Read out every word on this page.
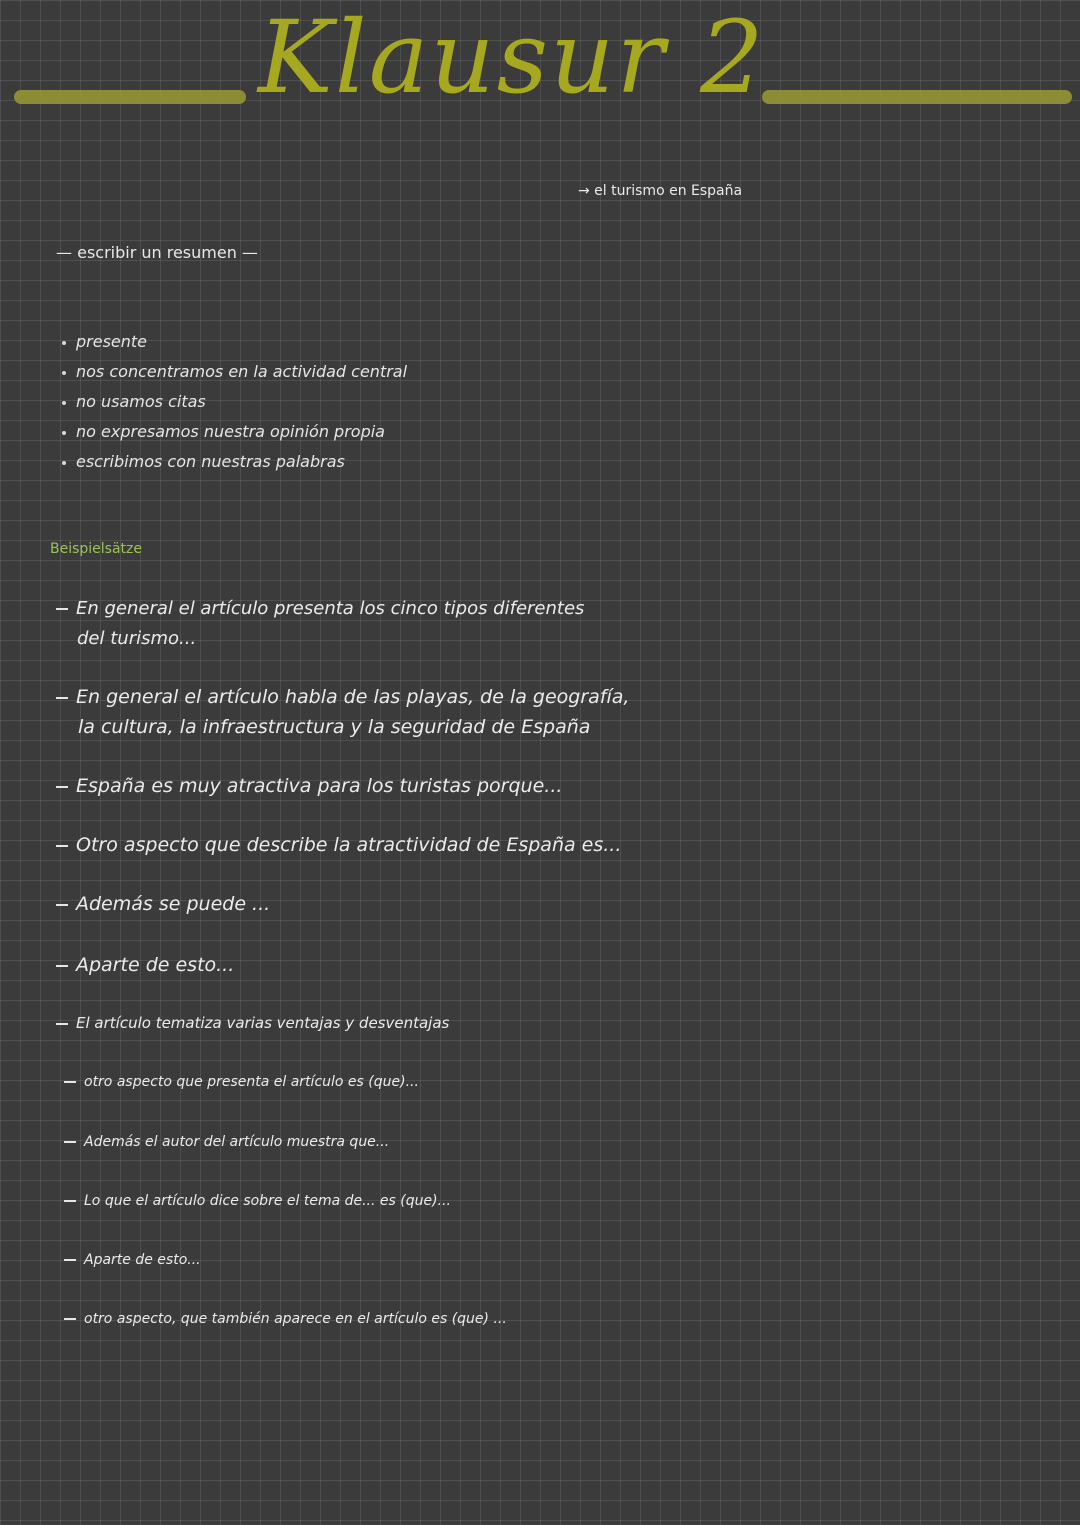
Klausur 2
→ el turismo en España
— escribir un resumen —
presente
nos concentramos en la actividad central
no usamos citas
no expresamos nuestra opinión propia
escribimos con nuestras palabras
Beispielsätze
En general el artículo presenta los cinco tipos diferentes
del turismo...
En general el artículo habla de las playas, de la geografía,
la cultura, la infraestructura y la seguridad de España
España es muy atractiva para los turistas porque...
Otro aspecto que describe la atractividad de España es...
Además se puede ...
Aparte de esto...
El artículo tematiza varias ventajas y desventajas
otro aspecto que presenta el artículo es (que)...
Además el autor del artículo muestra que...
Lo que el artículo dice sobre el tema de... es (que)...
Aparte de esto...
otro aspecto, que también aparece en el artículo es (que) ...
